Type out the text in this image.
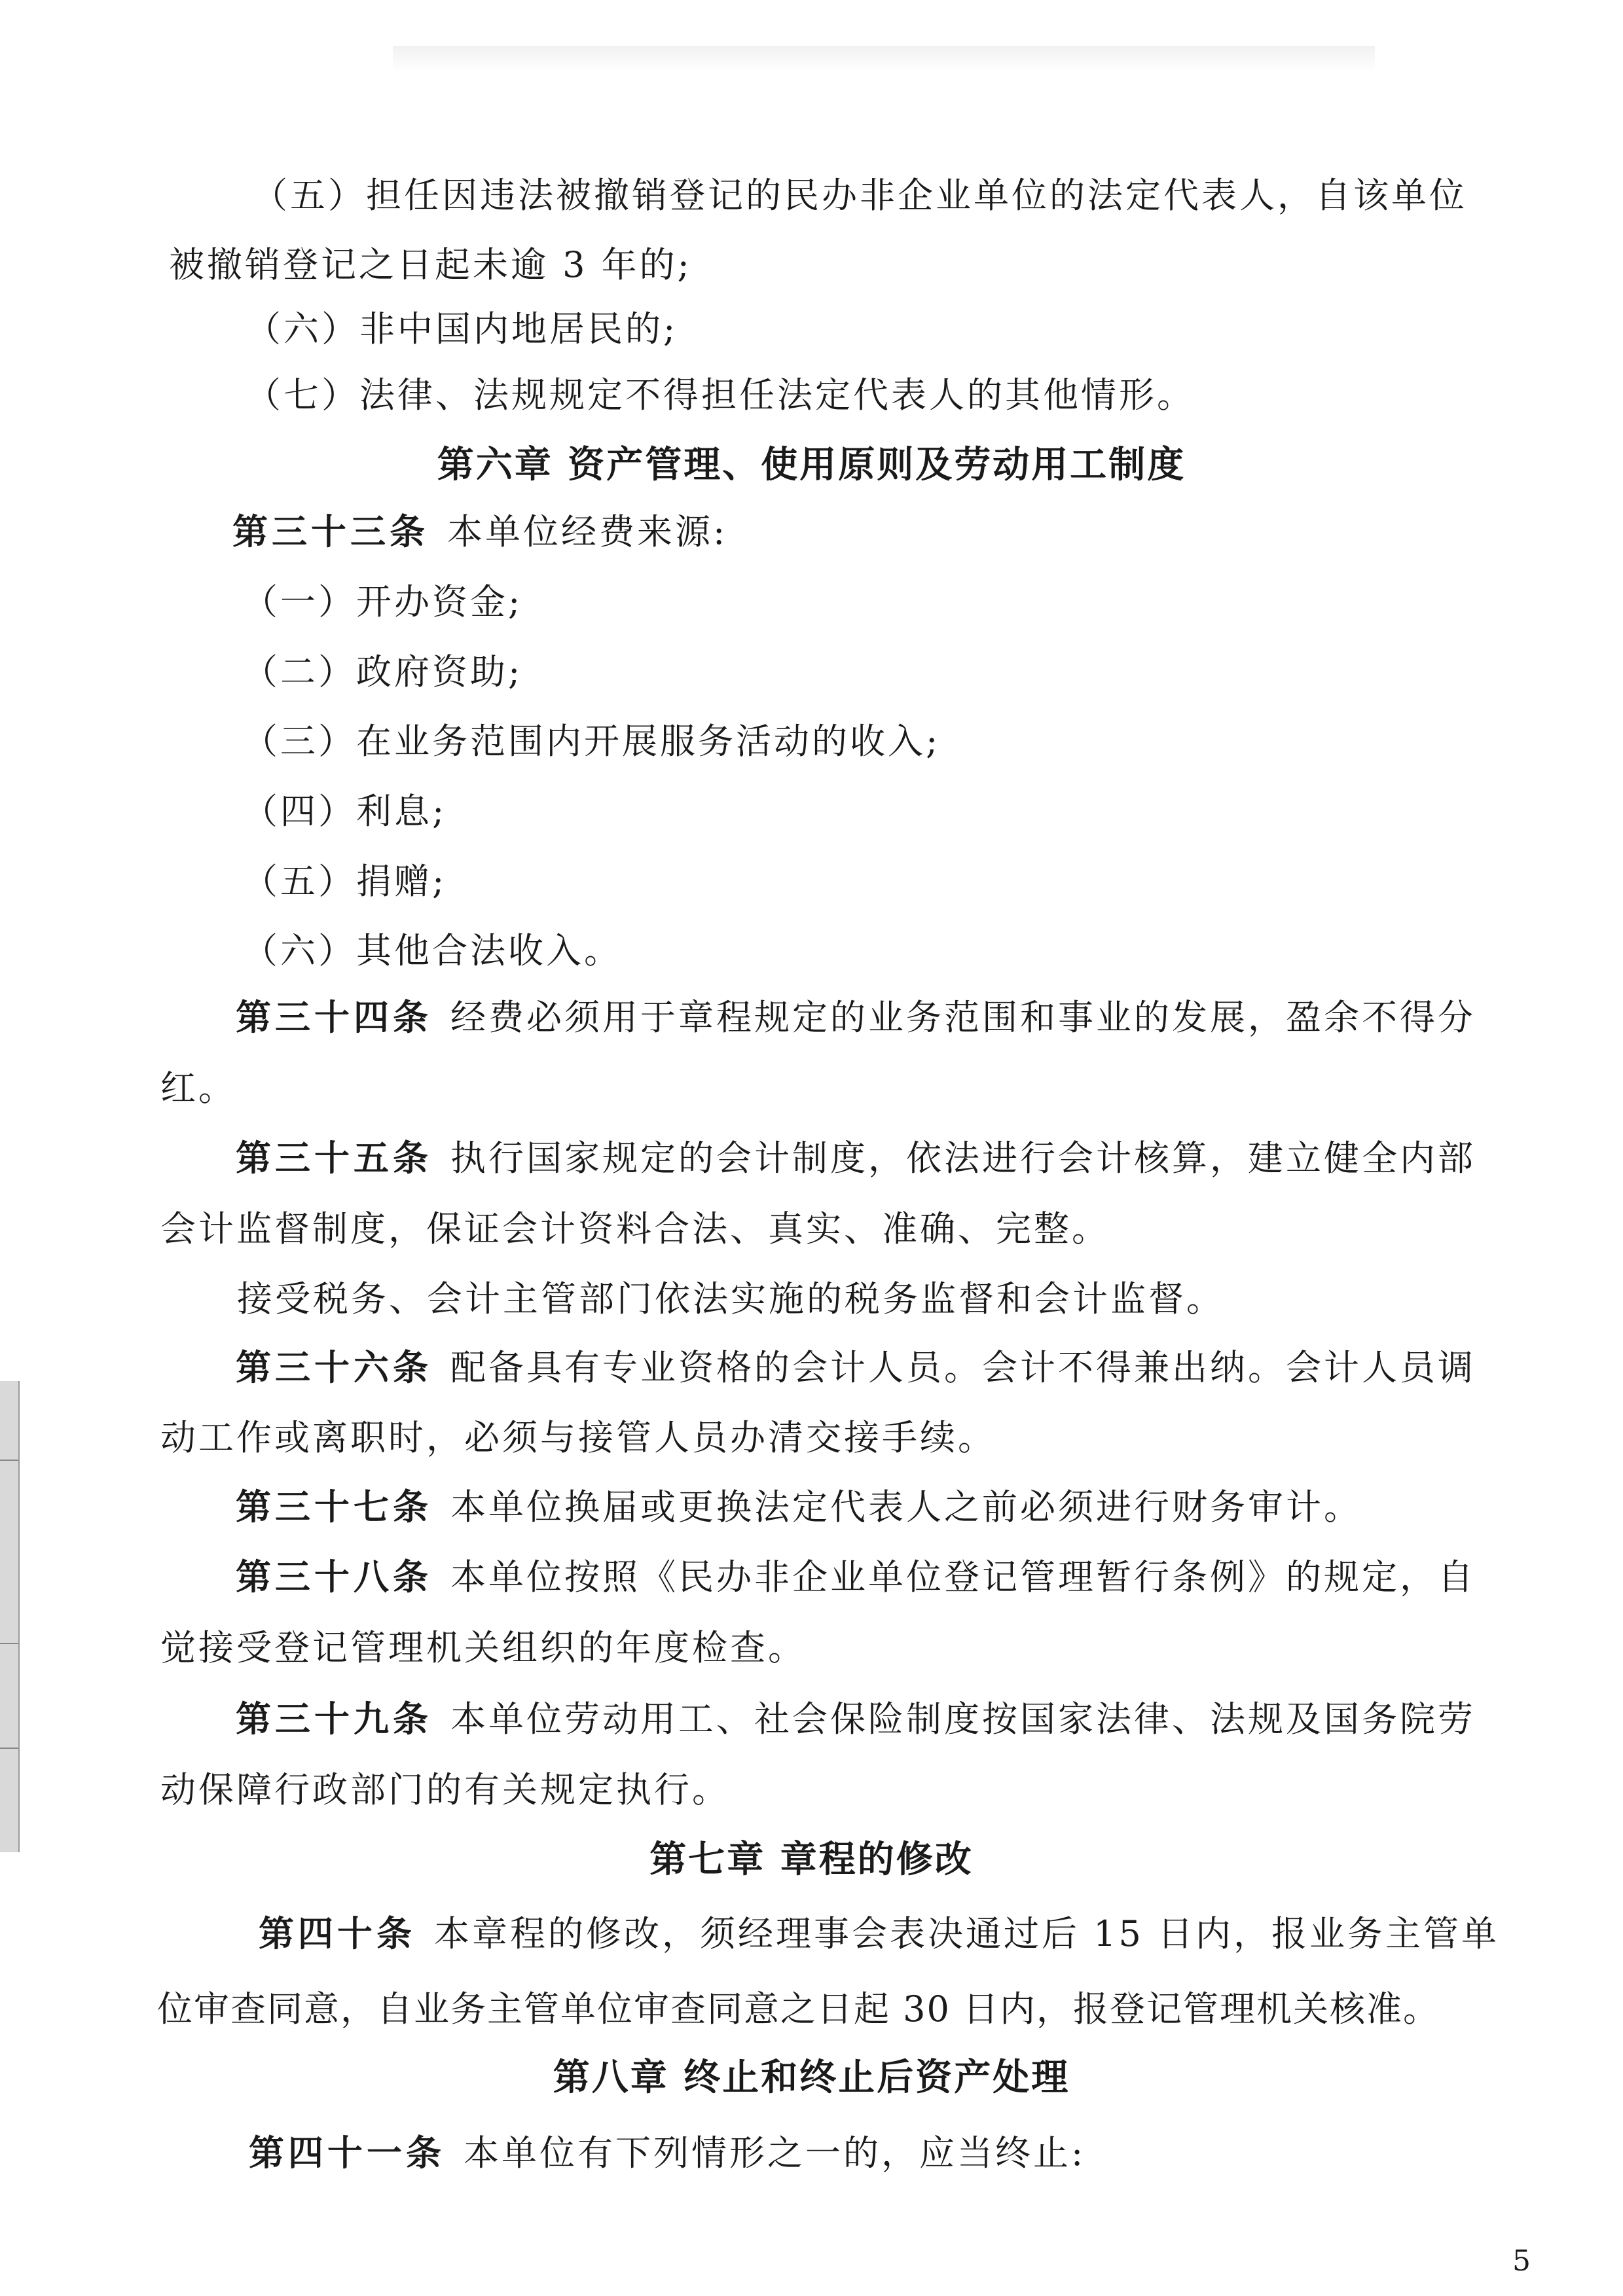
（五）担任因违法被撤销登记的民办非企业单位的法定代表人，自该单位
被撤销登记之日起未逾 3 年的;
（六）非中国内地居民的;
（七）法律、法规规定不得担任法定代表人的其他情形。
第六章 资产管理、使用原则及劳动用工制度
第三十三条 本单位经费来源:
（一）开办资金;
（二）政府资助;
（三）在业务范围内开展服务活动的收入;
（四）利息;
（五）捐赠;
（六）其他合法收入。
第三十四条 经费必须用于章程规定的业务范围和事业的发展，盈余不得分
红。
第三十五条 执行国家规定的会计制度，依法进行会计核算，建立健全内部
会计监督制度，保证会计资料合法、真实、准确、完整。
接受税务、会计主管部门依法实施的税务监督和会计监督。
第三十六条 配备具有专业资格的会计人员。会计不得兼出纳。会计人员调
动工作或离职时，必须与接管人员办清交接手续。
第三十七条 本单位换届或更换法定代表人之前必须进行财务审计。
第三十八条 本单位按照《民办非企业单位登记管理暂行条例》的规定，自
觉接受登记管理机关组织的年度检查。
第三十九条 本单位劳动用工、社会保险制度按国家法律、法规及国务院劳
动保障行政部门的有关规定执行。
第七章 章程的修改
第四十条 本章程的修改，须经理事会表决通过后 15 日内，报业务主管单
位审查同意，自业务主管单位审查同意之日起 30 日内，报登记管理机关核准。
第八章 终止和终止后资产处理
第四十一条 本单位有下列情形之一的，应当终止:
5
